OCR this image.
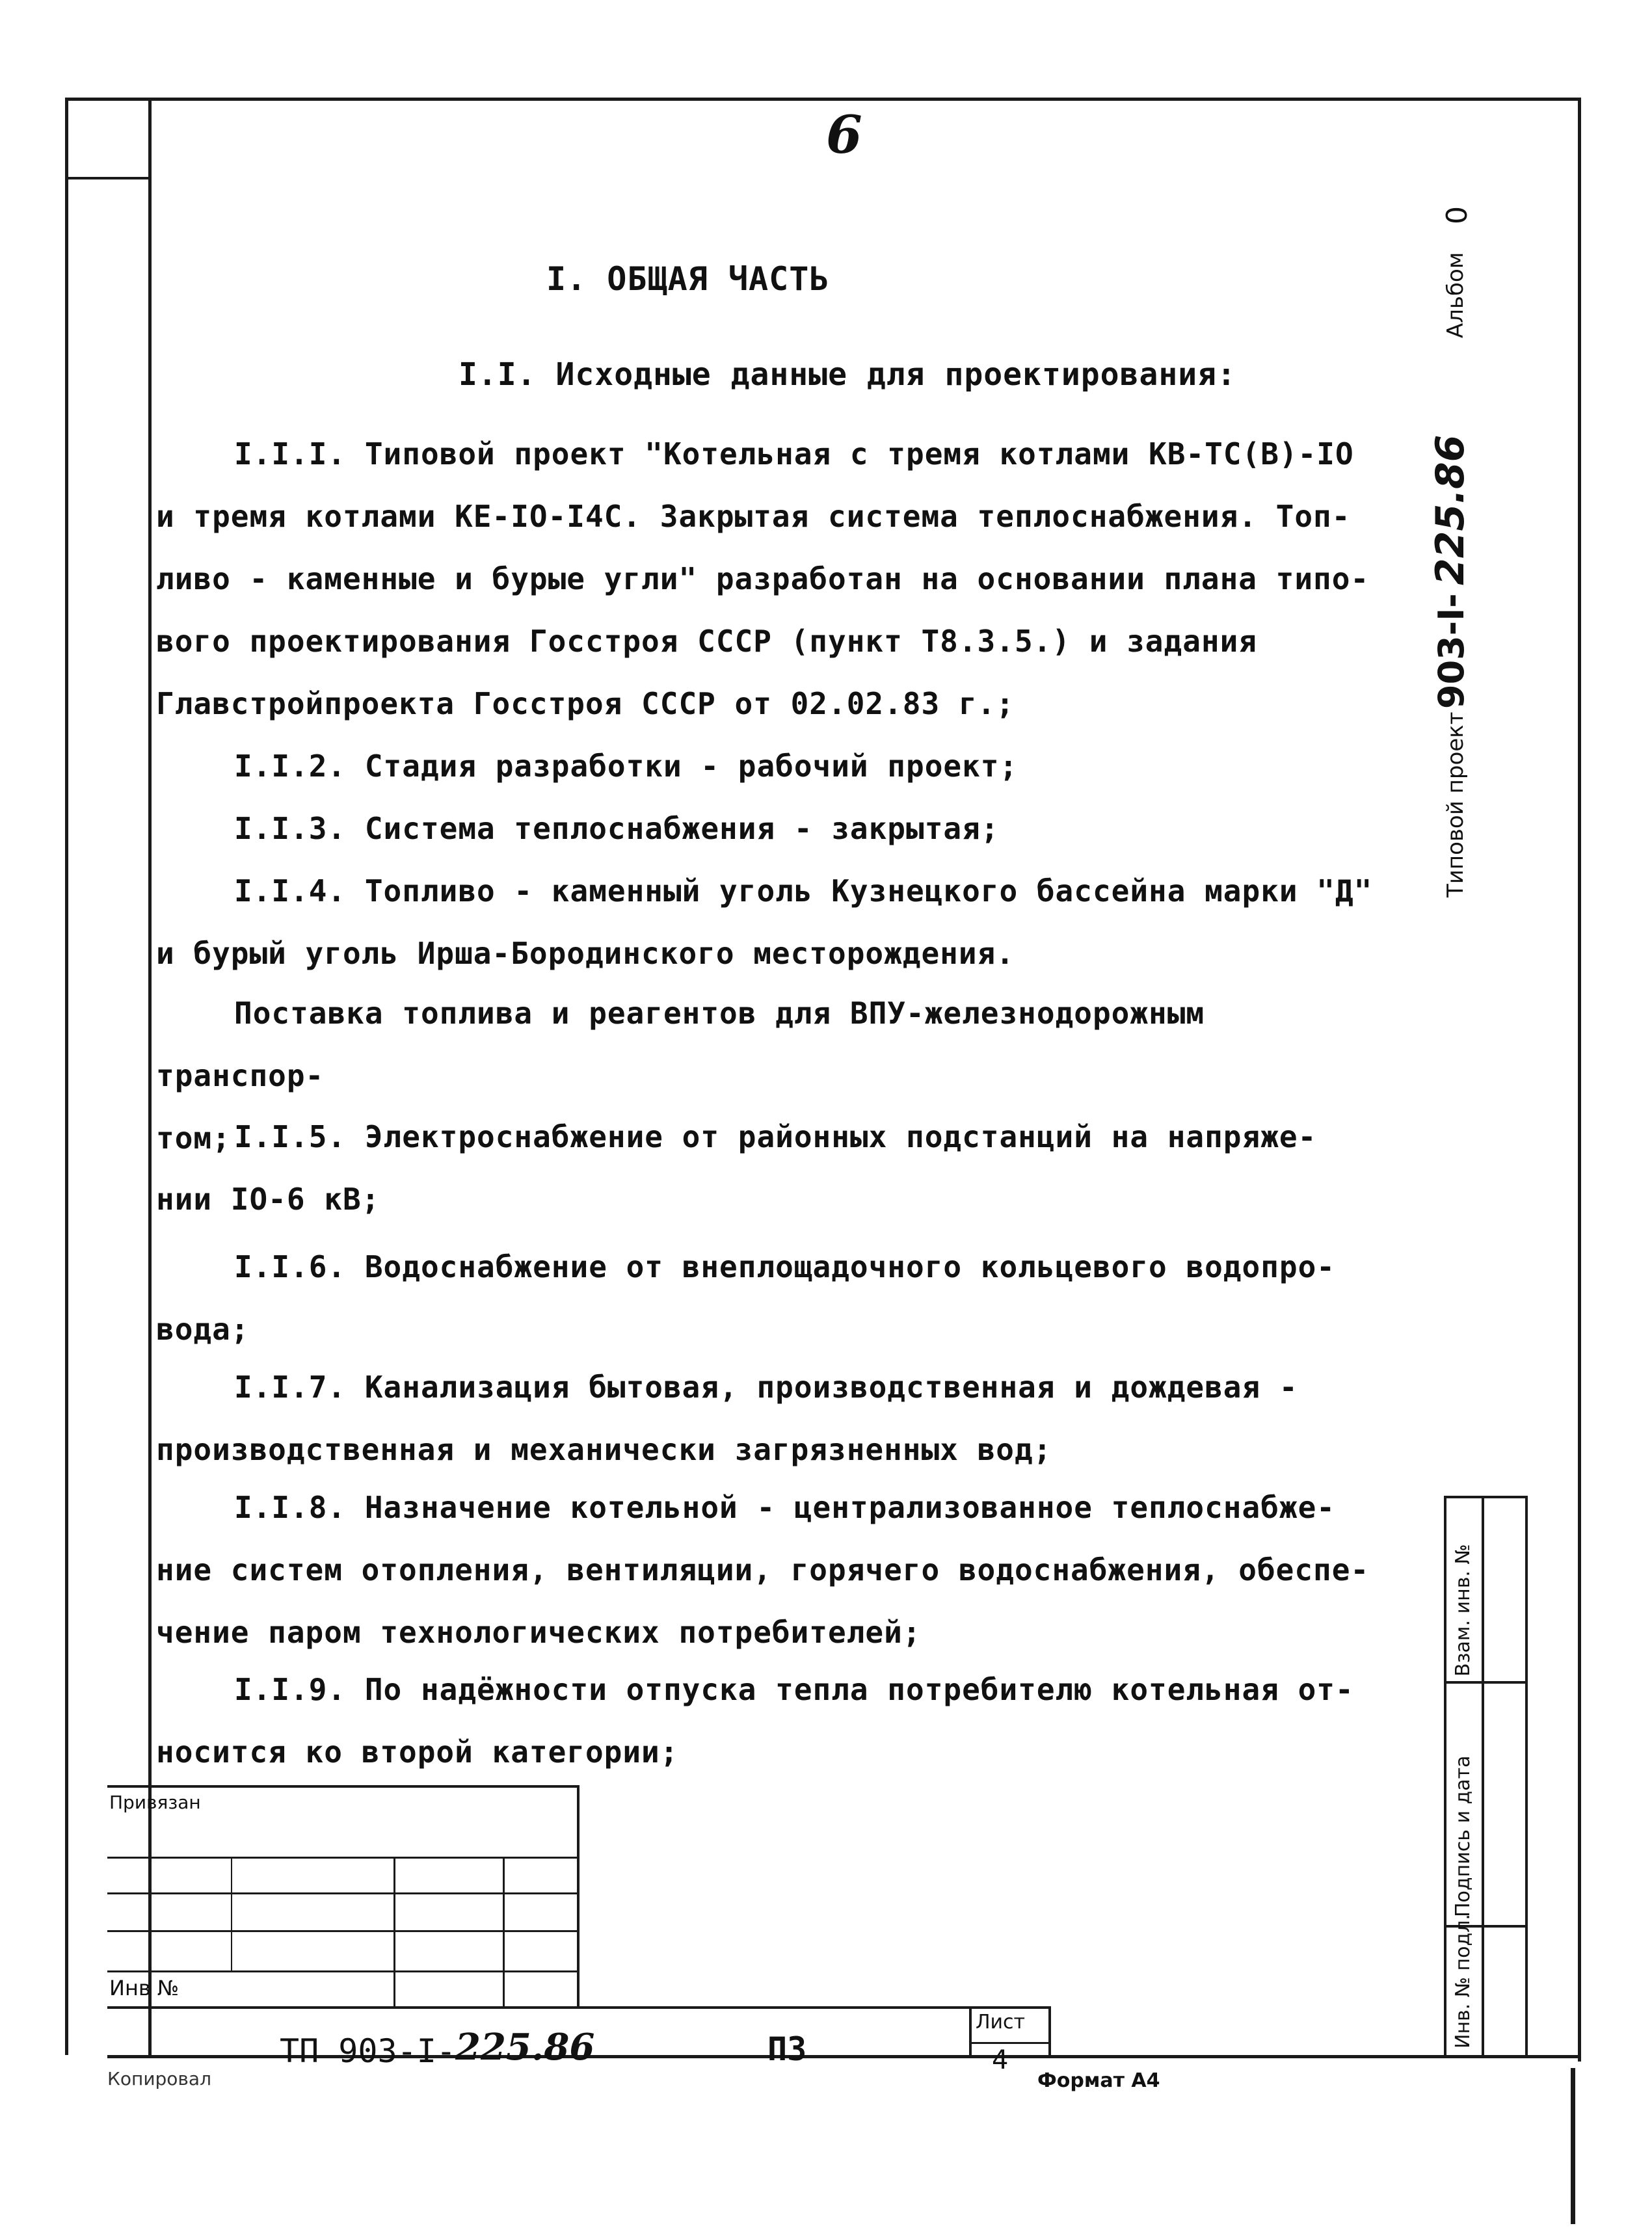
6
I. ОБЩАЯ ЧАСТЬ
I.I. Исходные данные для проектирования:
I.I.I. Типовой проект "Котельная с тремя котлами КВ-ТС(В)-IО
и тремя котлами КЕ-IО-I4С. Закрытая система теплоснабжения. Топ-
ливо - каменные и бурые угли" разработан на основании плана типо-
вого проектирования Госстроя СССР (пункт Т8.3.5.) и задания
Главстройпроекта Госстроя СССР от 02.02.83 г.;
I.I.2. Стадия разработки - рабочий проект;
I.I.3. Система теплоснабжения - закрытая;
I.I.4. Топливо - каменный уголь Кузнецкого бассейна марки "Д"
и бурый уголь Ирша-Бородинского месторождения.
Поставка топлива и реагентов для ВПУ-железнодорожным транспор-
том; I.I.5. Электроснабжение от районных подстанций на напряже-
нии IО-6 кВ;
I.I.6. Водоснабжение от внеплощадочного кольцевого водопро-
вода;
I.I.7. Канализация бытовая, производственная и дождевая -
производственная и механически загрязненных вод;
I.I.8. Назначение котельной - централизованное теплоснабже-
ние систем отопления, вентиляции, горячего водоснабжения, обеспе-
чение паром технологических потребителей;
I.I.9. По надёжности отпуска тепла потребителю котельная от-
носится ко второй категории;
Альбом
0
Типовой проект
903-I-
225.86
Взам. инв. №
Подпись и дата
Инв. № подл.
Привязан
Инв №
ТП 903-I- 225.86	ПЗ
Лист
4
Копировал	Формат А4
